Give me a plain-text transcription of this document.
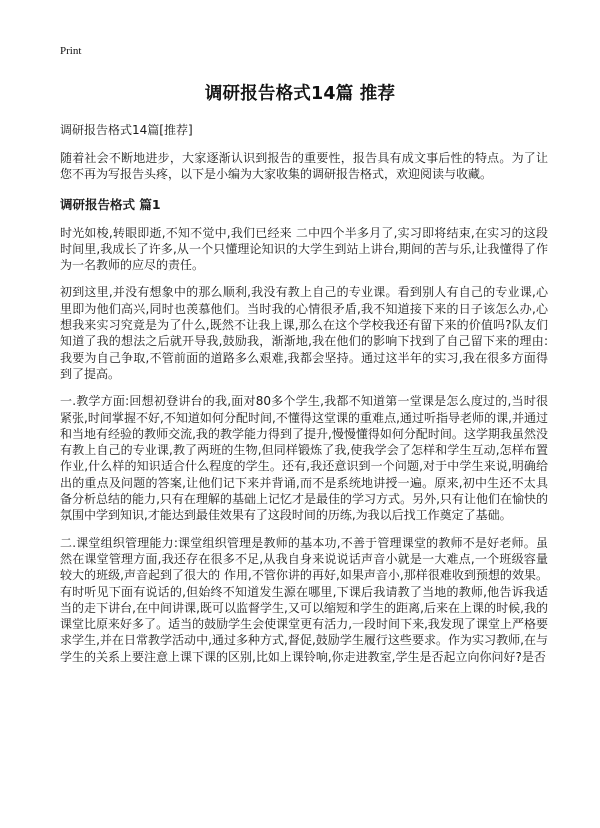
Print
调研报告格式14篇 推荐
调研报告格式14篇[推荐]
随着社会不断地进步，大家逐渐认识到报告的重要性，报告具有成文事后性的特点。为了让您不再为写报告头疼，以下是小编为大家收集的调研报告格式，欢迎阅读与收藏。
调研报告格式 篇1
时光如梭,转眼即逝,不知不觉中,我们已经来 二中四个半多月了,实习即将结束,在实习的这段时间里,我成长了许多,从一个只懂理论知识的大学生到站上讲台,期间的苦与乐,让我懂得了作为一名教师的应尽的责任。
初到这里,并没有想象中的那么顺利,我没有教上自己的专业课。看到别人有自己的专业课,心里即为他们高兴,同时也羡慕他们。当时我的心情很矛盾,我不知道接下来的日子该怎么办,心想我来实习究竟是为了什么,既然不让我上课,那么在这个学校我还有留下来的价值吗?队友们知道了我的想法之后就开导我,鼓励我，渐渐地,我在他们的影响下找到了自己留下来的理由:我要为自己争取,不管前面的道路多么艰难,我都会坚持。通过这半年的实习,我在很多方面得到了提高。
一.教学方面:回想初登讲台的我,面对80多个学生,我都不知道第一堂课是怎么度过的,当时很紧张,时间掌握不好,不知道如何分配时间,不懂得这堂课的重难点,通过听指导老师的课,并通过和当地有经验的教师交流,我的教学能力得到了提升,慢慢懂得如何分配时间。这学期我虽然没有教上自己的专业课,教了两班的生物,但同样锻炼了我,使我学会了怎样和学生互动,怎样布置作业,什么样的知识适合什么程度的学生。还有,我还意识到一个问题,对于中学生来说,明确给出的重点及问题的答案,让他们记下来并背诵,而不是系统地讲授一遍。原来,初中生还不太具备分析总结的能力,只有在理解的基础上记忆才是最佳的学习方式。另外,只有让他们在愉快的氛围中学到知识,才能达到最佳效果有了这段时间的历练,为我以后找工作奠定了基础。
二.课堂组织管理能力:课堂组织管理是教师的基本功,不善于管理课堂的教师不是好老师。虽然在课堂管理方面,我还存在很多不足,从我自身来说说话声音小就是一大难点,一个班级容量较大的班级,声音起到了很大的 作用,不管你讲的再好,如果声音小,那样很难收到预想的效果。有时听见下面有说话的,但始终不知道发生源在哪里,下课后我请教了当地的教师,他告诉我适当的走下讲台,在中间讲课,既可以监督学生,又可以缩短和学生的距离,后来在上课的时候,我的课堂比原来好多了。适当的鼓励学生会使课堂更有活力,一段时间下来,我发现了课堂上严格要求学生,并在日常教学活动中,通过多种方式,督促,鼓励学生履行这些要求。作为实习教师,在与学生的关系上要注意上课下课的区别,比如上课铃响,你走进教室,学生是否起立向你问好?是否
